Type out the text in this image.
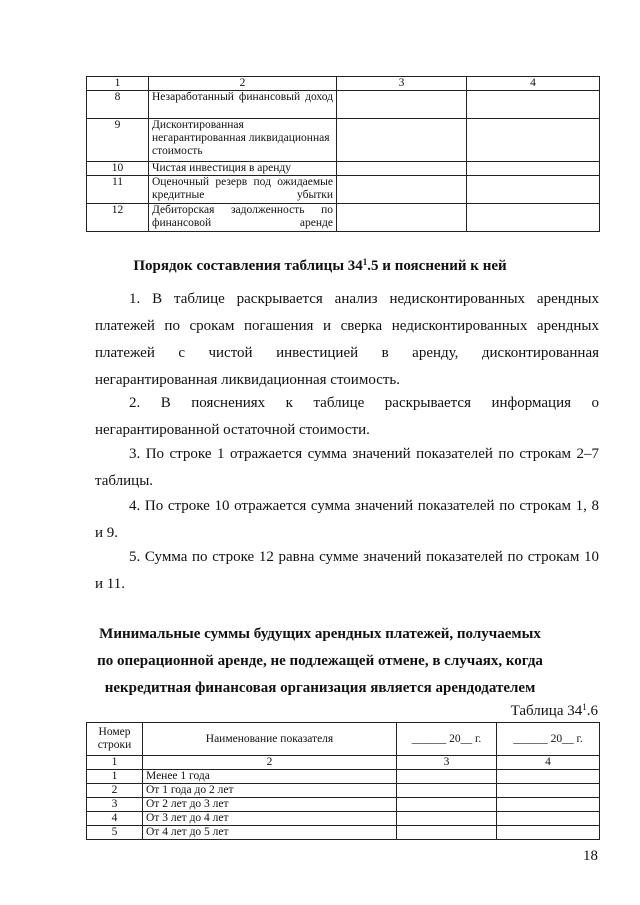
1	2	3	4
8	Незаработанный финансовый доход		
9	Дисконтированная негарантированная ликвидационная стоимость		
10	Чистая инвестиция в аренду		
11	Оценочный резерв под ожидаемые кредитные убытки		
12	Дебиторская задолженность по финансовой аренде		
Порядок составления таблицы $34^1.5$ и пояснений к ней
1. В таблице раскрывается анализ недисконтированных арендных платежей по срокам погашения и сверка недисконтированных арендных платежей с чистой инвестицией в аренду, дисконтированная негарантированная ликвидационная стоимость.
2. В пояснениях к таблице раскрывается информация о негарантированной остаточной стоимости.
3. По строке 1 отражается сумма значений показателей по строкам 2–7 таблицы.
4. По строке 10 отражается сумма значений показателей по строкам 1, 8 и 9.
5. Сумма по строке 12 равна сумме значений показателей по строкам 10 и 11.
Минимальные суммы будущих арендных платежей, получаемых
по операционной аренде, не подлежащей отмене, в случаях, когда
некредитная финансовая организация является арендодателем
Таблица $34^1.6$
Номер строки	Наименование показателя	______ 20__ г.	______ 20__ г.
1	2	3	4
1	Менее 1 года		
2	От 1 года до 2 лет		
3	От 2 лет до 3 лет		
4	От 3 лет до 4 лет		
5	От 4 лет до 5 лет		
18
